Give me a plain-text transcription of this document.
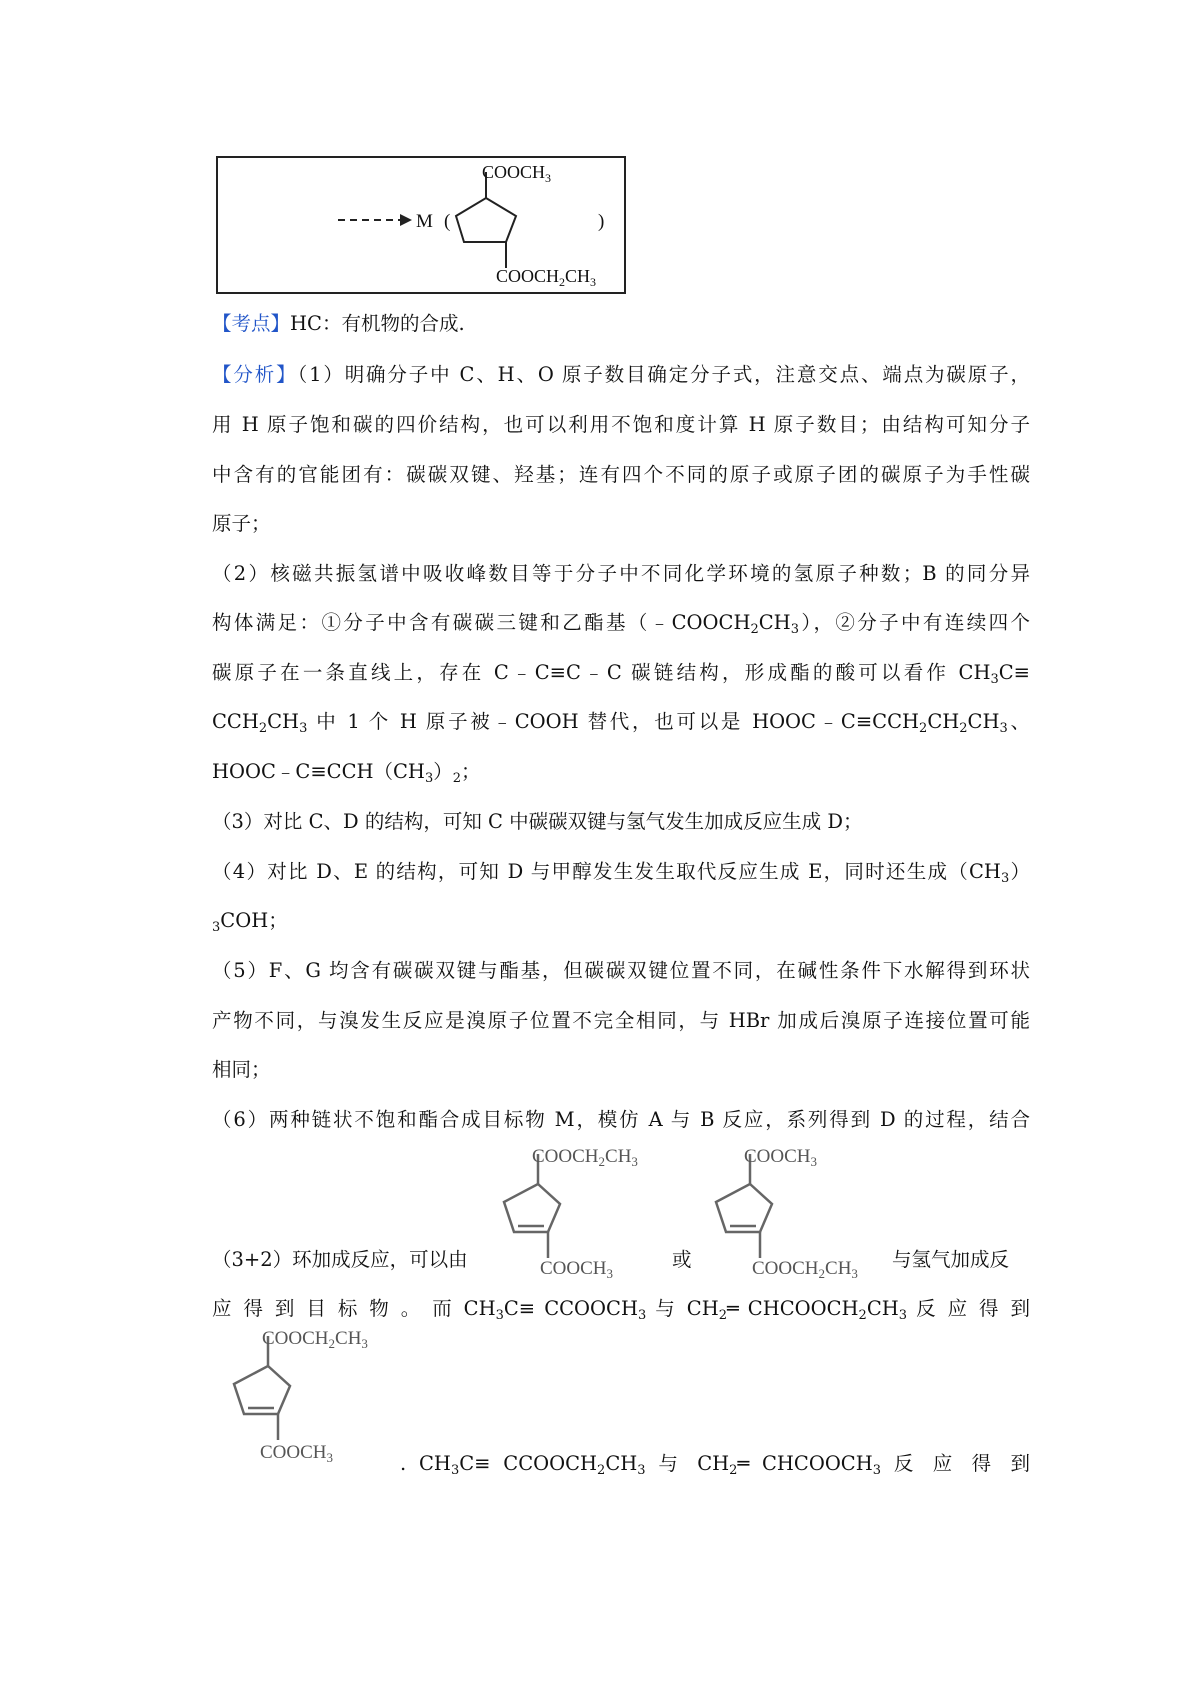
M (	)
$COOCH_3$
$COOCH_2CH_3$
【考点】HC：有机物的合成.
【分析】（1）明确分子中 C、H、O 原子数目确定分子式，注意交点、端点为碳原子，
用 H 原子饱和碳的四价结构，也可以利用不饱和度计算 H 原子数目；由结构可知分子
中含有的官能团有：碳碳双键、羟基；连有四个不同的原子或原子团的碳原子为手性碳
原子；
（2）核磁共振氢谱中吸收峰数目等于分子中不同化学环境的氢原子种数；B 的同分异
构体满足：①分子中含有碳碳三键和乙酯基$(﹣COOCH_2CH_3)$，②分子中有连续四个
碳原子在一条直线上，存在 C﹣C≡C﹣C 碳链结构，形成酯的酸可以看作 $CH_3C\equiv$
$CCH_2CH_3$ 中 1 个 H 原子被﹣COOH 替代，也可以是 $HOOC﹣C\equiv CCH_2CH_2CH_3$、
$HOOC﹣C\equiv CCH(CH_3)_2$；
（3）对比 C、D 的结构，可知 C 中碳碳双键与氢气发生加成反应生成 D；
（4）对比 D、E 的结构，可知 D 与甲醇发生发生取代反应生成 E，同时还生成$(CH_3)$
$_3$COH；
（5）F、G 均含有碳碳双键与酯基，但碳碳双键位置不同，在碱性条件下水解得到环状
产物不同，与溴发生反应是溴原子位置不完全相同，与 HBr 加成后溴原子连接位置可能
相同；
（6）两种链状不饱和酯合成目标物 M，模仿 A 与 B 反应，系列得到 D 的过程，结合
$COOCH_2CH_3$
$COOCH_3$
$COOCH_3$
$COOCH_2CH_3$
（3+2）环加成反应，可以由	或	与氢气加成反
应 得 到 目 标 物 。 而 $CH_3C\equiv$ $CCOOCH_3$ 与 $CH_2═$ $CHCOOCH_2CH_3$ 反 应 得 到
$COOCH_2CH_3$
$COOCH_3$	. $CH_3C\equiv$ $CCOOCH_2CH_3$ 与 $CH_2═$ $CHCOOCH_3$ 反 应 得 到
